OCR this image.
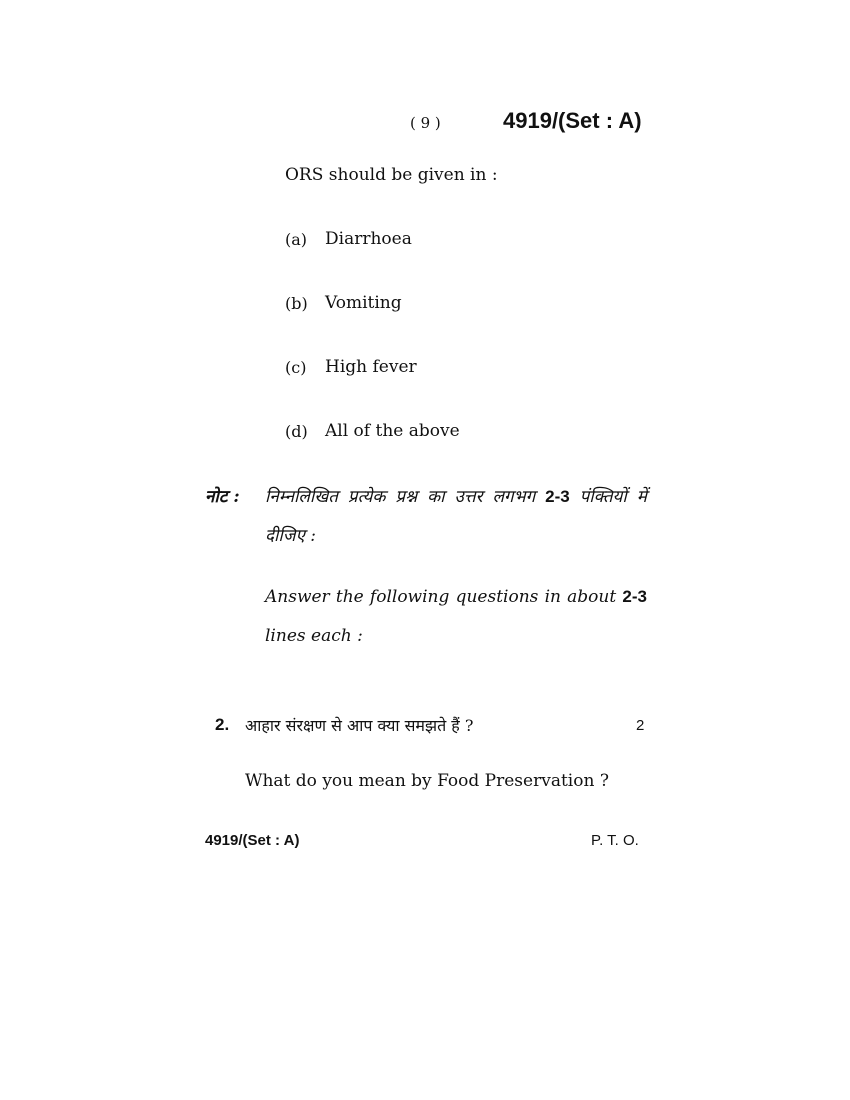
( 9 )	4919/(Set : A)
ORS should be given in :
(a) Diarrhoea
(b) Vomiting
(c) High fever
(d) All of the above
नोट : निम्नलिखित प्रत्येक प्रश्न का उत्तर लगभग 2-3 पंक्तियों में
दीजिए :
Answer the following questions in about 2-3
lines each :
2. आहार संरक्षण से आप क्या समझते हैं ?	2
What do you mean by Food Preservation ?
4919/(Set : A)	P. T. O.
